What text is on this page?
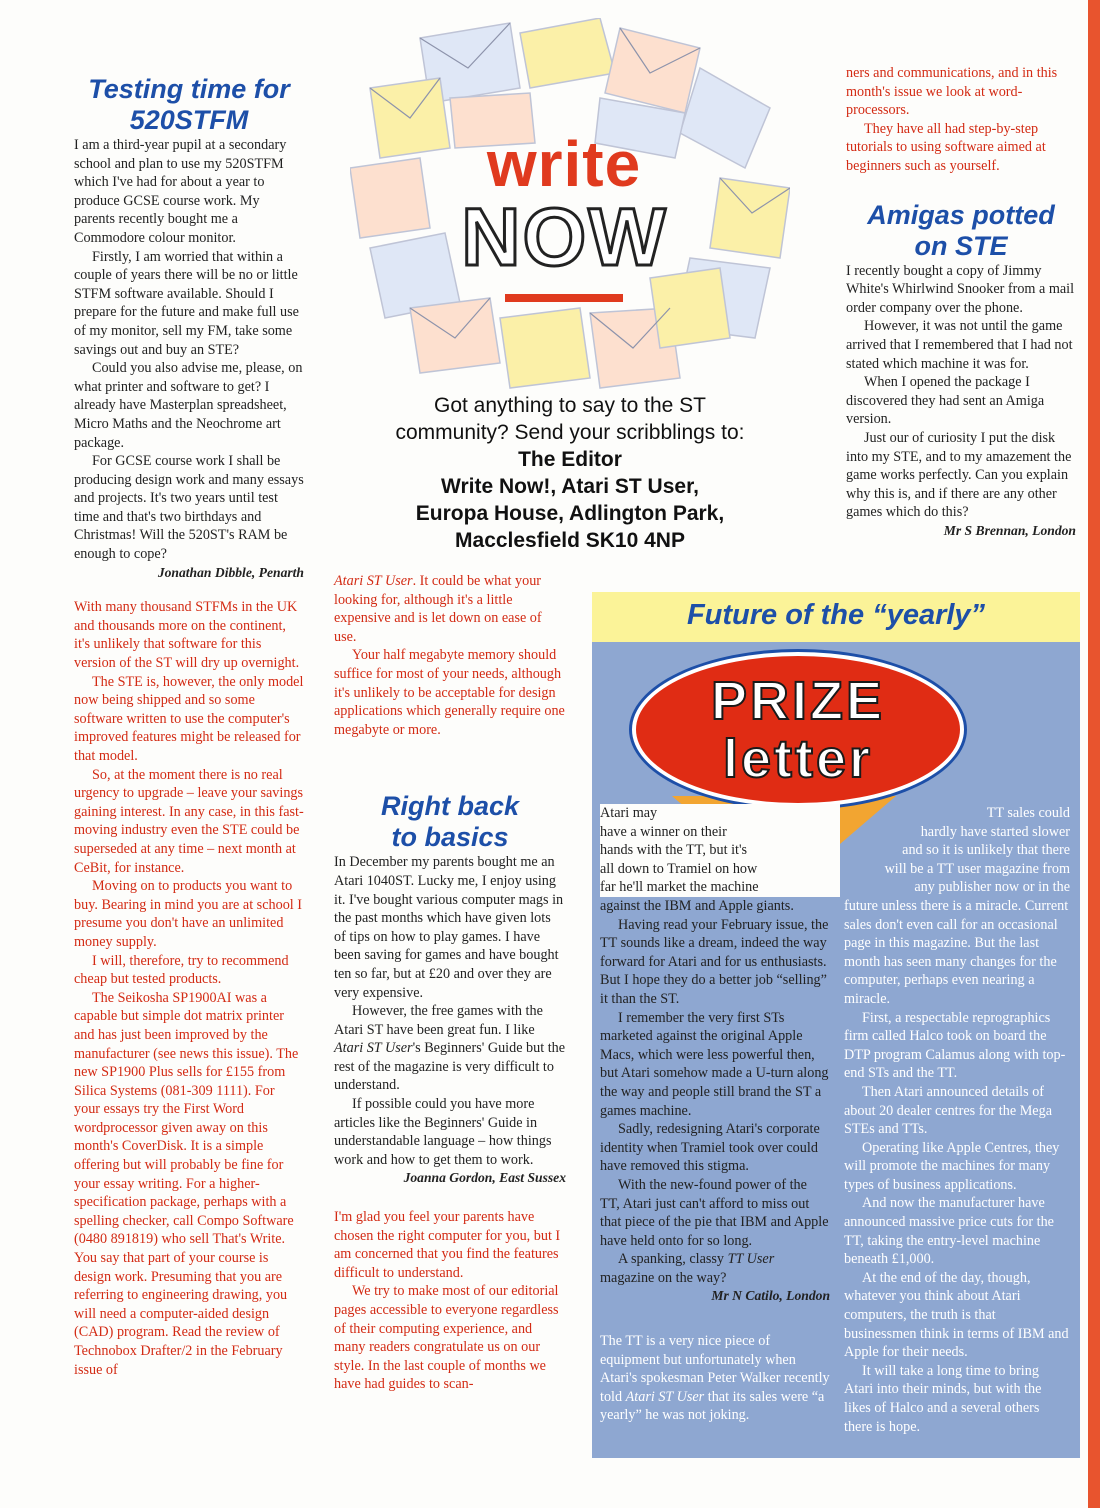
write
NOW
Got anything to say to the ST community? Send your scribblings to:
The Editor
Write Now!, Atari ST User,
Europa House, Adlington Park,
Macclesfield SK10 4NP
Testing time for
520STFM

I am a third-year pupil at a secondary school and plan to use my 520STFM which I've had for about a year to produce GCSE course work. My parents recently bought me a Commodore colour monitor.

Firstly, I am worried that within a couple of years there will be no or little STFM software available. Should I prepare for the future and make full use of my monitor, sell my FM, take some savings out and buy an STE?

Could you also advise me, please, on what printer and software to get? I already have Masterplan spreadsheet, Micro Maths and the Neochrome art package.

For GCSE course work I shall be producing design work and many essays and projects. It's two years until test time and that's two birthdays and Christmas! Will the 520ST's RAM be enough to cope?

Jonathan Dibble, Penarth

With many thousand STFMs in the UK and thousands more on the continent, it's unlikely that software for this version of the ST will dry up overnight.

The STE is, however, the only model now being shipped and so some software written to use the computer's improved features might be released for that model.

So, at the moment there is no real urgency to upgrade – leave your savings gaining interest. In any case, in this fast-moving industry even the STE could be superseded at any time – next month at CeBit, for instance.

Moving on to products you want to buy. Bearing in mind you are at school I presume you don't have an unlimited money supply.

I will, therefore, try to recommend cheap but tested products.

The Seikosha SP1900AI was a capable but simple dot matrix printer and has just been improved by the manufacturer (see news this issue). The new SP1900 Plus sells for £155 from Silica Systems (081-309 1111). For your essays try the First Word wordprocessor given away on this month's CoverDisk. It is a simple offering but will probably be fine for your essay writing. For a higher-specification package, perhaps with a spelling checker, call Compo Software (0480 891819) who sell That's Write. You say that part of your course is design work. Presuming that you are referring to engineering drawing, you will need a computer-aided design (CAD) program. Read the review of Technobox Drafter/2 in the February issue of

Atari ST User. It could be what your looking for, although it's a little expensive and is let down on ease of use.

Your half megabyte memory should suffice for most of your needs, although it's unlikely to be acceptable for design applications which generally require one megabyte or more.

Right back
to basics

In December my parents bought me an Atari 1040ST. Lucky me, I enjoy using it. I've bought various computer mags in the past months which have given lots of tips on how to play games. I have been saving for games and have bought ten so far, but at £20 and over they are very expensive.

However, the free games with the Atari ST have been great fun. I like Atari ST User's Beginners' Guide but the rest of the magazine is very difficult to understand.

If possible could you have more articles like the Beginners' Guide in understandable language – how things work and how to get them to work.

Joanna Gordon, East Sussex

I'm glad you feel your parents have chosen the right computer for you, but I am concerned that you find the features difficult to understand.

We try to make most of our editorial pages accessible to everyone regardless of their computing experience, and many readers congratulate us on our style. In the last couple of months we have had guides to scan-

ners and communications, and in this month's issue we look at word-processors.

They have all had step-by-step tutorials to using software aimed at beginners such as yourself.

Amigas potted
on STE

I recently bought a copy of Jimmy White's Whirlwind Snooker from a mail order company over the phone.

However, it was not until the game arrived that I remembered that I had not stated which machine it was for.

When I opened the package I discovered they had sent an Amiga version.

Just our of curiosity I put the disk into my STE, and to my amazement the game works perfectly. Can you explain why this is, and if there are any other games which do this?

Mr S Brennan, London

Future of the “yearly”
PRIZE
letter

Atari may

have a winner on their

hands with the TT, but it's

all down to Tramiel on how

far he'll market the machine

against the IBM and Apple giants.

Having read your February issue, the TT sounds like a dream, indeed the way forward for Atari and for us enthusiasts. But I hope they do a better job “selling” it than the ST.

I remember the very first STs marketed against the original Apple Macs, which were less powerful then, but Atari somehow made a U-turn along the way and people still brand the ST a games machine.

Sadly, redesigning Atari's corporate identity when Tramiel took over could have removed this stigma.

With the new-found power of the TT, Atari just can't afford to miss out that piece of the pie that IBM and Apple have held onto for so long.

A spanking, classy TT User magazine on the way?

Mr N Catilo, London

The TT is a very nice piece of equipment but unfortunately when Atari's spokesman Peter Walker recently told Atari ST User that its sales were “a yearly” he was not joking.

TT sales could

hardly have started slower

and so it is unlikely that there

will be a TT user magazine from

any publisher now or in the

future unless there is a miracle. Current sales don't even call for an occasional page in this magazine. But the last month has seen many changes for the computer, perhaps even nearing a miracle.

First, a respectable reprographics firm called Halco took on board the DTP program Calamus along with top-end STs and the TT.

Then Atari announced details of about 20 dealer centres for the Mega STEs and TTs.

Operating like Apple Centres, they will promote the machines for many types of business applications.

And now the manufacturer have announced massive price cuts for the TT, taking the entry-level machine beneath £1,000.

At the end of the day, though, whatever you think about Atari computers, the truth is that businessmen think in terms of IBM and Apple for their needs.

It will take a long time to bring Atari into their minds, but with the likes of Halco and a several others there is hope.
